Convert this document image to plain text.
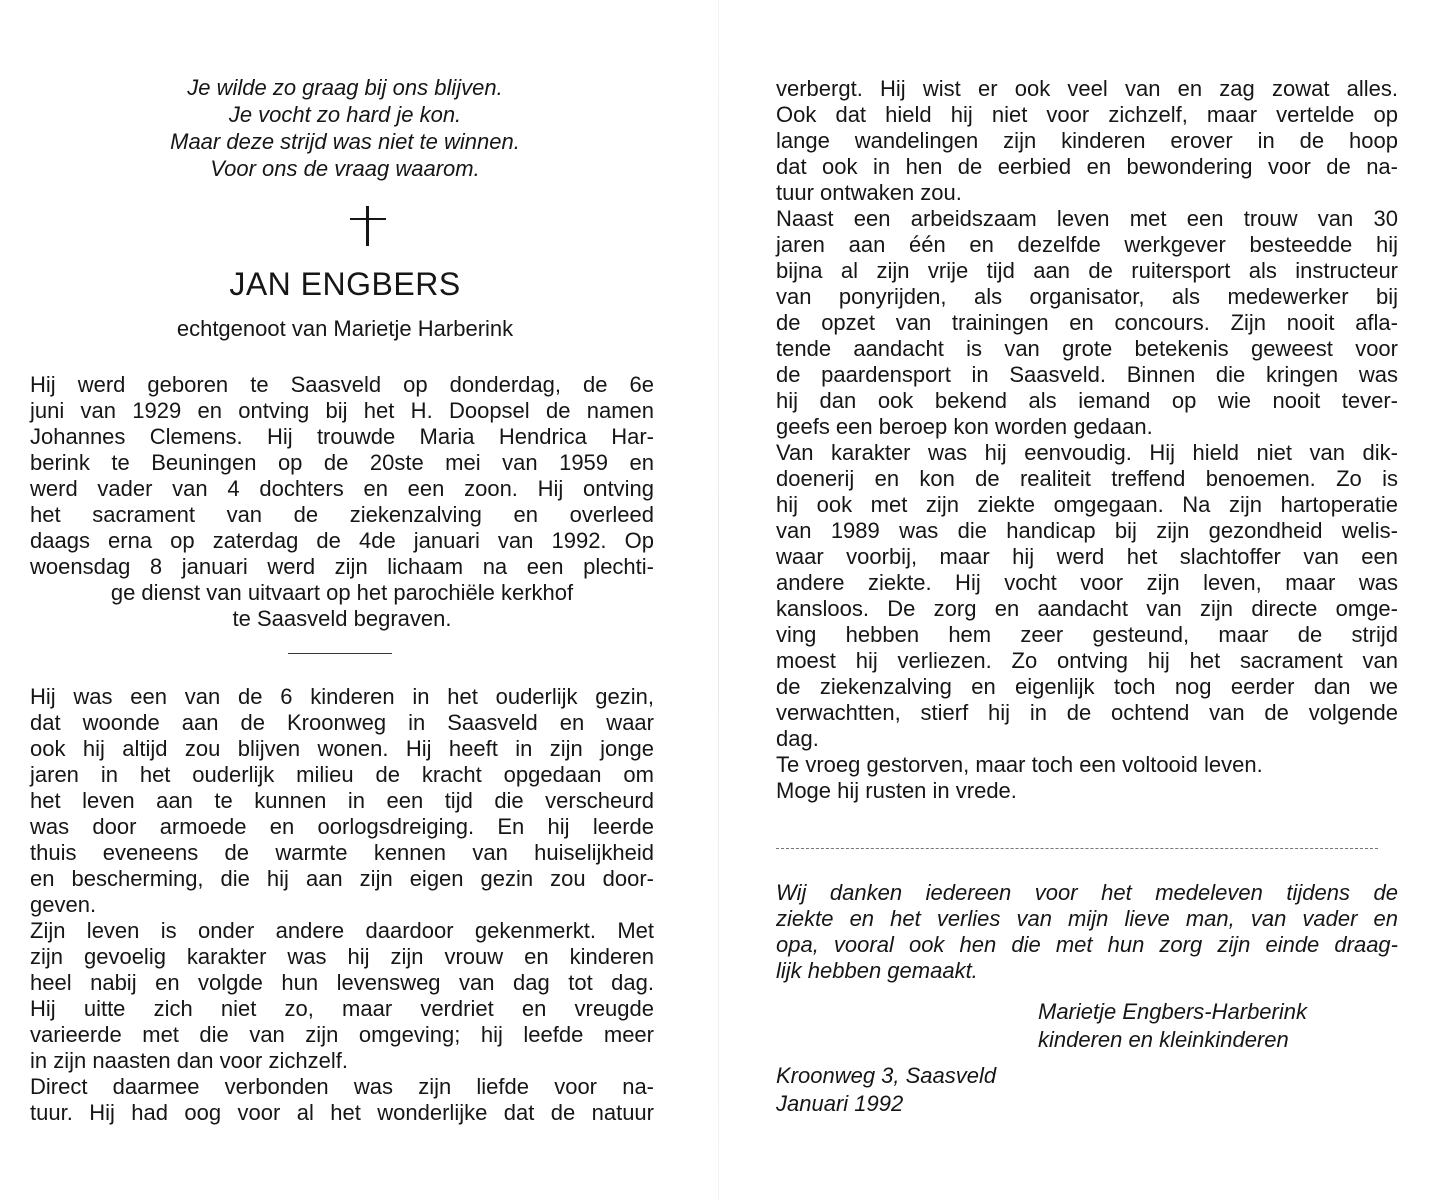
Je wilde zo graag bij ons blijven.
Je vocht zo hard je kon.
Maar deze strijd was niet te winnen.
Voor ons de vraag waarom.
JAN ENGBERS
echtgenoot van Marietje Harberink
Hij werd geboren te Saasveld op donderdag, de 6e
juni van 1929 en ontving bij het H. Doopsel de namen
Johannes Clemens. Hij trouwde Maria Hendrica Har-
berink te Beuningen op de 20ste mei van 1959 en
werd vader van 4 dochters en een zoon. Hij ontving
het sacrament van de ziekenzalving en overleed
daags erna op zaterdag de 4de januari van 1992. Op
woensdag 8 januari werd zijn lichaam na een plechti-
ge dienst van uitvaart op het parochiële kerkhof
te Saasveld begraven.
Hij was een van de 6 kinderen in het ouderlijk gezin,
dat woonde aan de Kroonweg in Saasveld en waar
ook hij altijd zou blijven wonen. Hij heeft in zijn jonge
jaren in het ouderlijk milieu de kracht opgedaan om
het leven aan te kunnen in een tijd die verscheurd
was door armoede en oorlogsdreiging. En hij leerde
thuis eveneens de warmte kennen van huiselijkheid
en bescherming, die hij aan zijn eigen gezin zou door-
geven.
Zijn leven is onder andere daardoor gekenmerkt. Met
zijn gevoelig karakter was hij zijn vrouw en kinderen
heel nabij en volgde hun levensweg van dag tot dag.
Hij uitte zich niet zo, maar verdriet en vreugde
varieerde met die van zijn omgeving; hij leefde meer
in zijn naasten dan voor zichzelf.
Direct daarmee verbonden was zijn liefde voor na-
tuur. Hij had oog voor al het wonderlijke dat de natuur
verbergt. Hij wist er ook veel van en zag zowat alles.
Ook dat hield hij niet voor zichzelf, maar vertelde op
lange wandelingen zijn kinderen erover in de hoop
dat ook in hen de eerbied en bewondering voor de na-
tuur ontwaken zou.
Naast een arbeidszaam leven met een trouw van 30
jaren aan één en dezelfde werkgever besteedde hij
bijna al zijn vrije tijd aan de ruitersport als instructeur
van ponyrijden, als organisator, als medewerker bij
de opzet van trainingen en concours. Zijn nooit afla-
tende aandacht is van grote betekenis geweest voor
de paardensport in Saasveld. Binnen die kringen was
hij dan ook bekend als iemand op wie nooit tever-
geefs een beroep kon worden gedaan.
Van karakter was hij eenvoudig. Hij hield niet van dik-
doenerij en kon de realiteit treffend benoemen. Zo is
hij ook met zijn ziekte omgegaan. Na zijn hartoperatie
van 1989 was die handicap bij zijn gezondheid welis-
waar voorbij, maar hij werd het slachtoffer van een
andere ziekte. Hij vocht voor zijn leven, maar was
kansloos. De zorg en aandacht van zijn directe omge-
ving hebben hem zeer gesteund, maar de strijd
moest hij verliezen. Zo ontving hij het sacrament van
de ziekenzalving en eigenlijk toch nog eerder dan we
verwachtten, stierf hij in de ochtend van de volgende
dag.
Te vroeg gestorven, maar toch een voltooid leven.
Moge hij rusten in vrede.
Wij danken iedereen voor het medeleven tijdens de
ziekte en het verlies van mijn lieve man, van vader en
opa, vooral ook hen die met hun zorg zijn einde draag-
lijk hebben gemaakt.
Marietje Engbers-Harberink
kinderen en kleinkinderen
Kroonweg 3, Saasveld
Januari 1992
